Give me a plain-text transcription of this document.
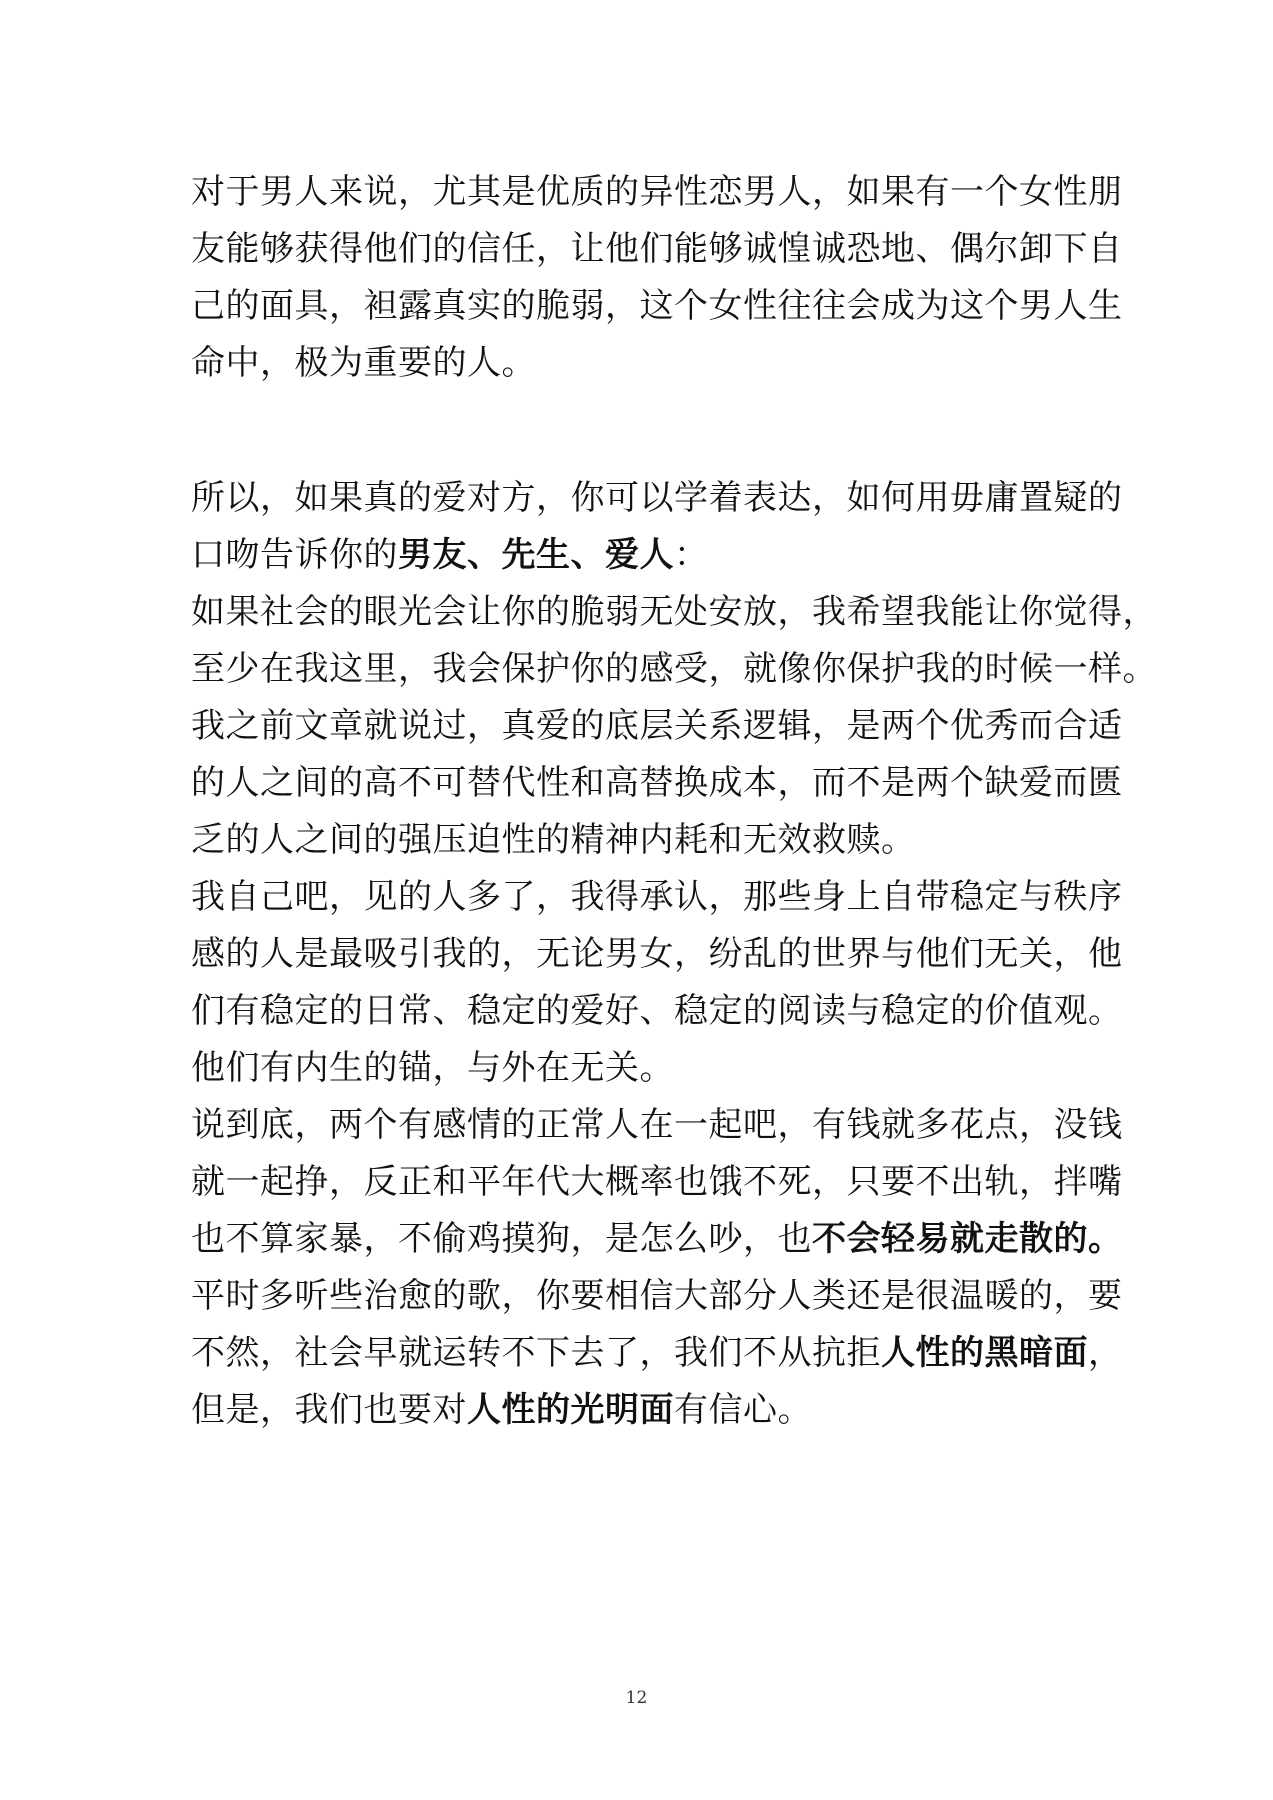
对于男人来说，尤其是优质的异性恋男人，如果有一个女性朋
友能够获得他们的信任，让他们能够诚惶诚恐地、偶尔卸下自
己的面具，袒露真实的脆弱，这个女性往往会成为这个男人生
命中，极为重要的人。
所以，如果真的爱对方，你可以学着表达，如何用毋庸置疑的
口吻告诉你的男友、先生、爱人：
如果社会的眼光会让你的脆弱无处安放，我希望我能让你觉得，
至少在我这里，我会保护你的感受，就像你保护我的时候一样。
我之前文章就说过，真爱的底层关系逻辑，是两个优秀而合适
的人之间的高不可替代性和高替换成本，而不是两个缺爱而匮
乏的人之间的强压迫性的精神内耗和无效救赎。
我自己吧，见的人多了，我得承认，那些身上自带稳定与秩序
感的人是最吸引我的，无论男女，纷乱的世界与他们无关，他
们有稳定的日常、稳定的爱好、稳定的阅读与稳定的价值观。
他们有内生的锚，与外在无关。
说到底，两个有感情的正常人在一起吧，有钱就多花点，没钱
就一起挣，反正和平年代大概率也饿不死，只要不出轨，拌嘴
也不算家暴，不偷鸡摸狗，是怎么吵，也不会轻易就走散的。
平时多听些治愈的歌，你要相信大部分人类还是很温暖的，要
不然，社会早就运转不下去了，我们不从抗拒人性的黑暗面，
但是，我们也要对人性的光明面有信心。
12
